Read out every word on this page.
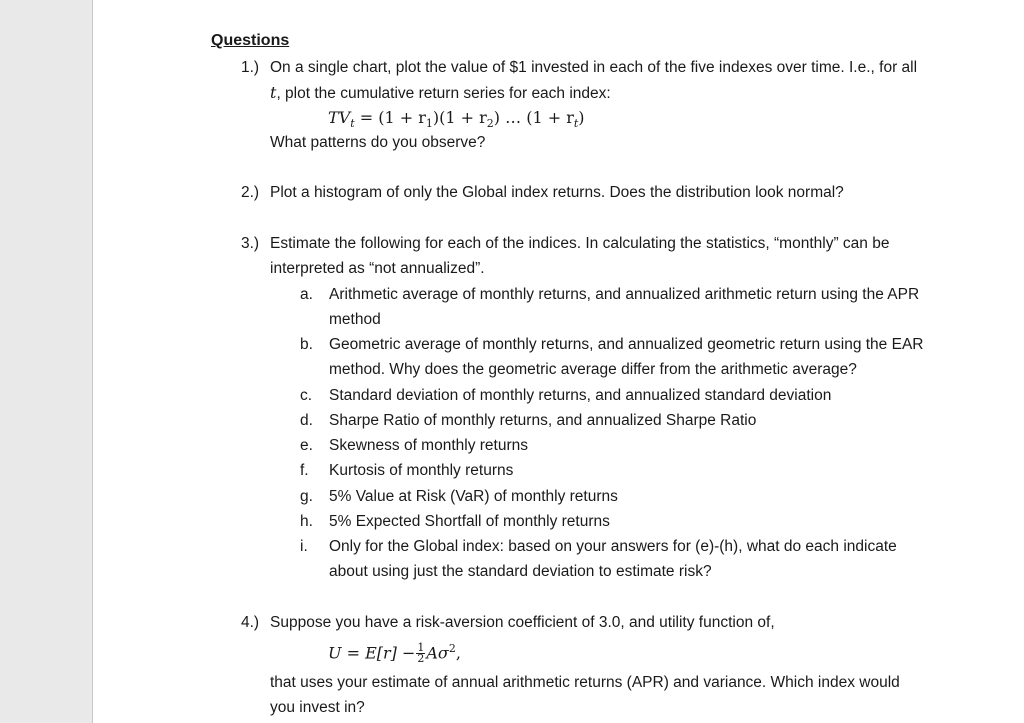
Questions
1.) On a single chart, plot the value of $1 invested in each of the five indexes over time. I.e., for all
t, plot the cumulative return series for each index:
$TV_t = (1 + r_1)(1 + r_2)$ … $(1 + r_t)$
What patterns do you observe?
2.) Plot a histogram of only the Global index returns. Does the distribution look normal?
3.) Estimate the following for each of the indices. In calculating the statistics, “monthly” can be
interpreted as “not annualized”.
a. Arithmetic average of monthly returns, and annualized arithmetic return using the APR
method
b. Geometric average of monthly returns, and annualized geometric return using the EAR
method. Why does the geometric average differ from the arithmetic average?
c. Standard deviation of monthly returns, and annualized standard deviation
d. Sharpe Ratio of monthly returns, and annualized Sharpe Ratio
e. Skewness of monthly returns
f. Kurtosis of monthly returns
g. 5% Value at Risk (VaR) of monthly returns
h. 5% Expected Shortfall of monthly returns
i. Only for the Global index: based on your answers for (e)-(h), what do each indicate
about using just the standard deviation to estimate risk?
4.) Suppose you have a risk-aversion coefficient of 3.0, and utility function of,
$U = E[r] - \frac{1}{2} A\sigma^2$,
that uses your estimate of annual arithmetic returns (APR) and variance. Which index would
you invest in?
